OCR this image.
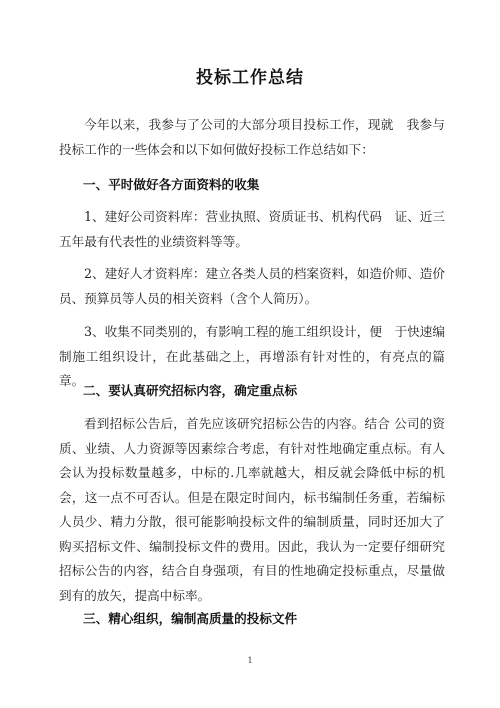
投标工作总结
今年以来，我参与了公司的大部分项目投标工作，现就　我参与投标工作的一些体会和以下如何做好投标工作总结如下：
一、平时做好各方面资料的收集
1、建好公司资料库：营业执照、资质证书、机构代码　证、近三五年最有代表性的业绩资料等等。
2、建好人才资料库：建立各类人员的档案资料，如造价师、造价员、预算员等人员的相关资料（含个人简历）。
3、收集不同类别的，有影响工程的施工组织设计，便　于快速编制施工组织设计，在此基础之上，再增添有针对性的，有亮点的篇章。
二、要认真研究招标内容，确定重点标
看到招标公告后，首先应该研究招标公告的内容。结合 公司的资质、业绩、人力资源等因素综合考虑，有针对性地确定重点标。有人会认为投标数量越多，中标的.几率就越大，相反就会降低中标的机会，这一点不可否认。但是在限定时间内，标书编制任务重，若编标人员少、精力分散，很可能影响投标文件的编制质量，同时还加大了购买招标文件、编制投标文件的费用。因此，我认为一定要仔细研究招标公告的内容，结合自身强项，有目的性地确定投标重点，尽量做到有的放矢，提高中标率。
三、精心组织，编制高质量的投标文件
1
